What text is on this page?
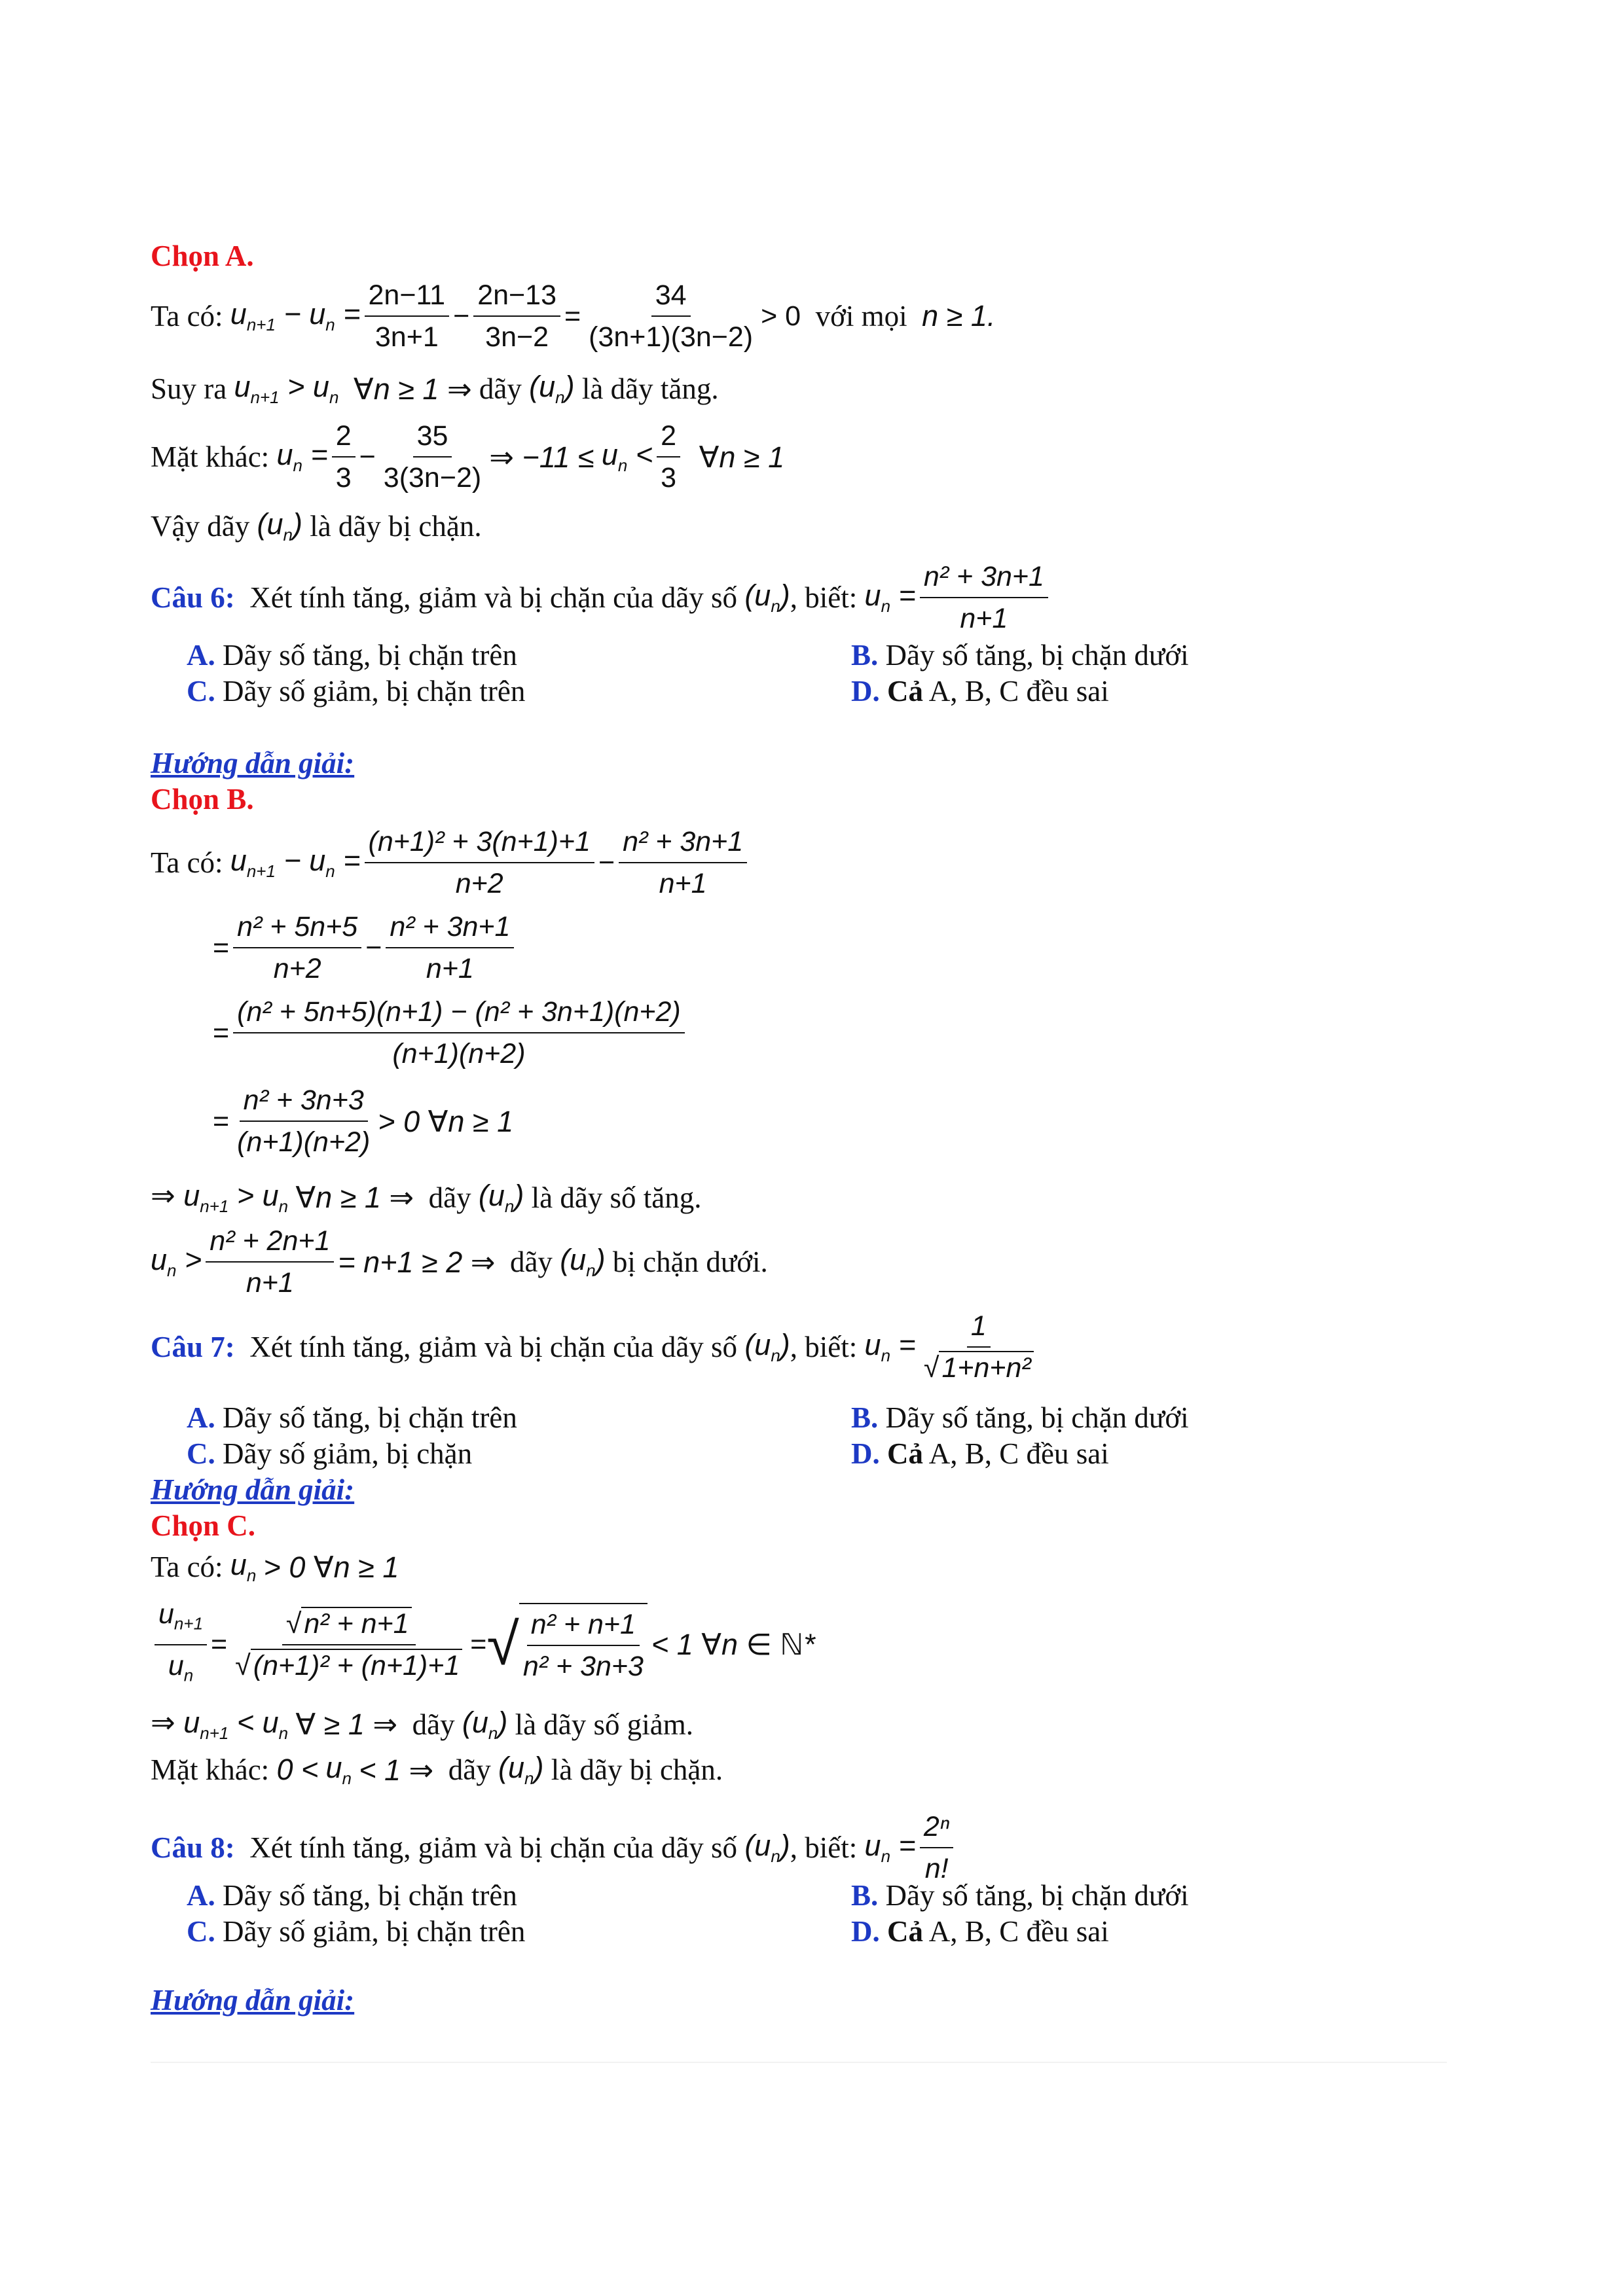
Chọn A.
Ta có:
$u_{n+1} - u_n = \frac{2n-11}{3n+1} - \frac{2n-13}{3n-2} = \frac{34}{(3n+1)(3n-2)} > 0$
với mọi
n ≥ 1.
Suy ra
$u_{n+1} > u_n$
∀n ≥ 1 ⇒
dãy
$(u_n)$
là dãy tăng.
Mặt khác:
$u_n = \frac{2}{3} - \frac{35}{3(3n-2)}$ ⇒ −11 ≤
$u_n < \frac{2}{3}$
∀n ≥ 1
Vậy dãy
$(u_n)$
là dãy bị chặn.
Câu 6:
Xét tính tăng, giảm và bị chặn của dãy số
$(u_n)$ , biết:
$u_n = \frac{\text{n² + 3n+1}}{n+1}$
A. Dãy số tăng, bị chặn trên	B. Dãy số tăng, bị chặn dưới
C. Dãy số giảm, bị chặn trên	D. Cả A, B, C đều sai
Hướng dẫn giải:
Chọn B.
Ta có:
$u_{n+1} - u_n = \frac{\text{(n+1)² + 3(n+1)+1}}{n+2} - \frac{\text{n² + 3n+1}}{n+1}$
= $\frac{\text{n² + 5n+5}}{n+2} - \frac{\text{n² + 3n+1}}{n+1}$
= $\frac{\text{(n² + 5n+5)(n+1) − (n² + 3n+1)(n+2)}}{(n+1)(n+2)}$
= $\frac{\text{n² + 3n+3}}{(n+1)(n+2)} > 0$ ∀n ≥ 1
⇒ $u_{n+1} > u_n$
∀n ≥ 1 ⇒
dãy
$(u_n)$
là dãy số tăng.
$u_n > \frac{\text{n² + 2n+1}}{n+1} = n+1 \ge 2$ ⇒
dãy
$(u_n)$
bị chặn dưới.
Câu 7:
Xét tính tăng, giảm và bị chặn của dãy số
$(u_n)$ , biết:
$u_n = \frac{1}{\text{√1+n+n²}}$
A. Dãy số tăng, bị chặn trên	B. Dãy số tăng, bị chặn dưới
C. Dãy số giảm, bị chặn	D. Cả A, B, C đều sai
Hướng dẫn giải:
Chọn C.
Ta có:
$u_n$
> 0 ∀n ≥ 1
$\frac{u_{n+1}}{u_n} = \frac{\text{√n² + n+1}}{\text{√(n+1)² + (n+1)+1}}$ = √ $\frac{\text{n² + n+1}}{\text{n² + 3n+3}} < 1$ ∀n ∈ ℕ*
⇒ $u_{n+1} < u_n$
∀ ≥ 1 ⇒
dãy
$(u_n)$
là dãy số giảm.
Mặt khác:
0 <
$u_n$
< 1 ⇒
dãy
$(u_n)$
là dãy bị chặn.
Câu 8:
Xét tính tăng, giảm và bị chặn của dãy số
$(u_n)$ , biết:
$u_n = \frac{\text{2ⁿ}}{n!}$
A. Dãy số tăng, bị chặn trên	B. Dãy số tăng, bị chặn dưới
C. Dãy số giảm, bị chặn trên	D. Cả A, B, C đều sai
Hướng dẫn giải:
